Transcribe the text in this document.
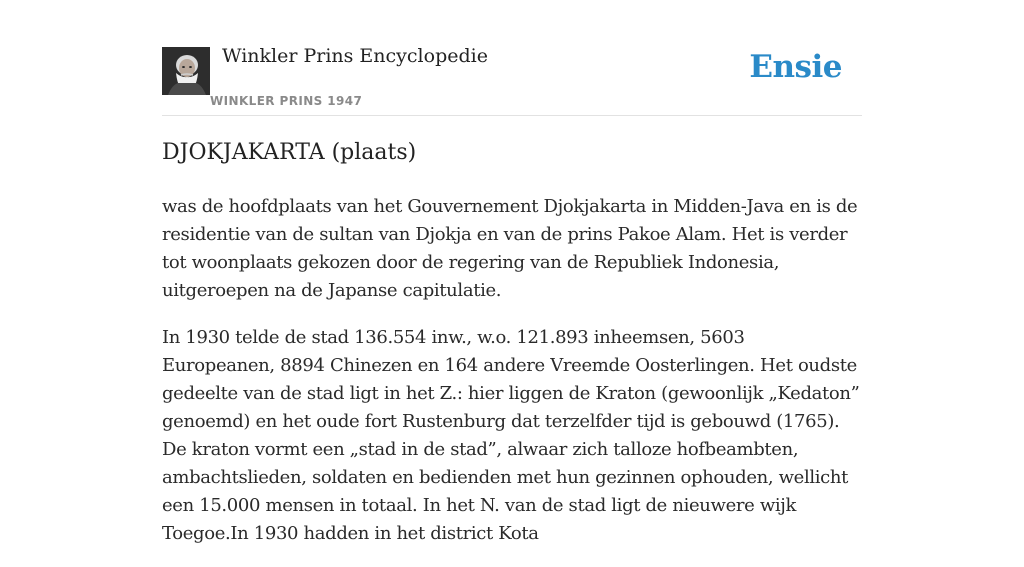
Winkler Prins Encyclopedie
WINKLER PRINS 1947
Ensie
DJOKJAKARTA (plaats)

was de hoofdplaats van het Gouvernement Djokjakarta in Midden-Java en is de residentie van de sultan van Djokja en van de prins Pakoe Alam. Het is verder tot woonplaats gekozen door de regering van de Republiek Indonesia, uitgeroepen na de Japanse capitulatie.

In 1930 telde de stad 136.554 inw., w.o. 121.893 inheemsen, 5603 Europeanen, 8894 Chinezen en 164 andere Vreemde Oosterlingen. Het oudste gedeelte van de stad ligt in het Z.: hier liggen de Kraton (gewoonlijk „Kedaton” genoemd) en het oude fort Rustenburg dat terzelfder tijd is gebouwd (1765). De kraton vormt een „stad in de stad”, alwaar zich talloze hofbeambten, ambachtslieden, soldaten en bedienden met hun gezinnen ophouden, wellicht een 15.000 mensen in totaal. In het N. van de stad ligt de nieuwere wijk Toegoe.In 1930 hadden in het district Kota
